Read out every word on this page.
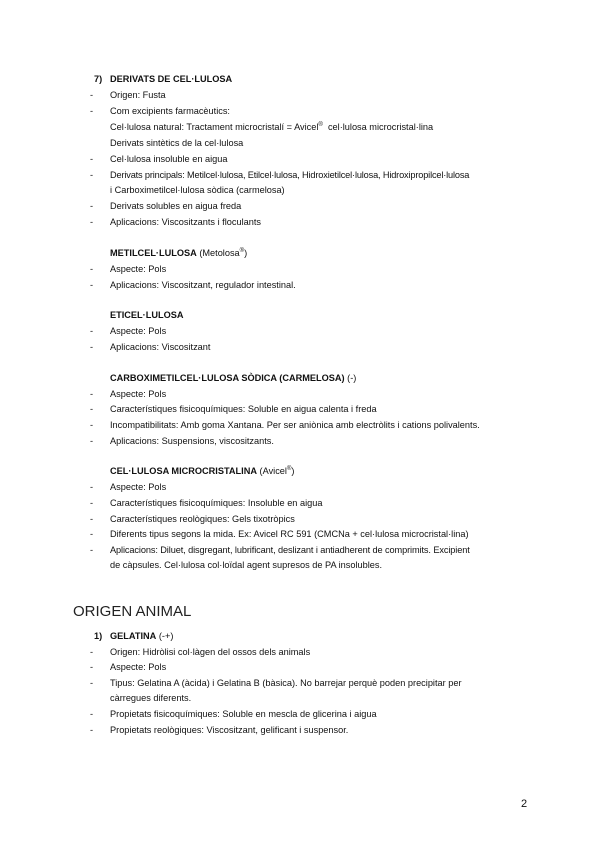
7) DERIVATS DE CEL·LULOSA
- Origen: Fusta
- Com excipients farmacèutics:
Cel·lulosa natural: Tractament microcristalí = Avicel®  cel·lulosa microcristal·lina
Derivats sintètics de la cel·lulosa
- Cel·lulosa insoluble en aigua
- Derivats principals: Metilcel·lulosa, Etilcel·lulosa, Hidroxietilcel·lulosa, Hidroxipropilcel·lulosa
i Carboximetilcel·lulosa sòdica (carmelosa)
- Derivats solubles en aigua freda
- Aplicacions: Viscositzants i floculants
METILCEL·LULOSA (Metolosa®)
- Aspecte: Pols
- Aplicacions: Viscositzant, regulador intestinal.
ETICEL·LULOSA
- Aspecte: Pols
- Aplicacions: Viscositzant
CARBOXIMETILCEL·LULOSA SÒDICA (CARMELOSA) (-)
- Aspecte: Pols
- Característiques fisicoquímiques: Soluble en aigua calenta i freda
- Incompatibilitats: Amb goma Xantana. Per ser aniònica amb electròlits i cations polivalents.
- Aplicacions: Suspensions, viscositzants.
CEL·LULOSA MICROCRISTALINA (Avicel®)
- Aspecte: Pols
- Característiques fisicoquímiques: Insoluble en aigua
- Característiques reològiques: Gels tixotròpics
- Diferents tipus segons la mida. Ex: Avicel RC 591 (CMCNa + cel·lulosa microcristal·lina)
- Aplicacions: Diluet, disgregant, lubrificant, deslizant i antiadherent de comprimits. Excipient
de càpsules. Cel·lulosa col·loïdal agent supresos de PA insolubles.
ORIGEN ANIMAL
1) GELATINA (-+)
- Origen: Hidròlisi col·làgen del ossos dels animals
- Aspecte: Pols
- Tipus: Gelatina A (àcida) i Gelatina B (bàsica). No barrejar perquè poden precipitar per
càrregues diferents.
- Propietats fisicoquímiques: Soluble en mescla de glicerina i aigua
- Propietats reològiques: Viscositzant, gelificant i suspensor.
2
